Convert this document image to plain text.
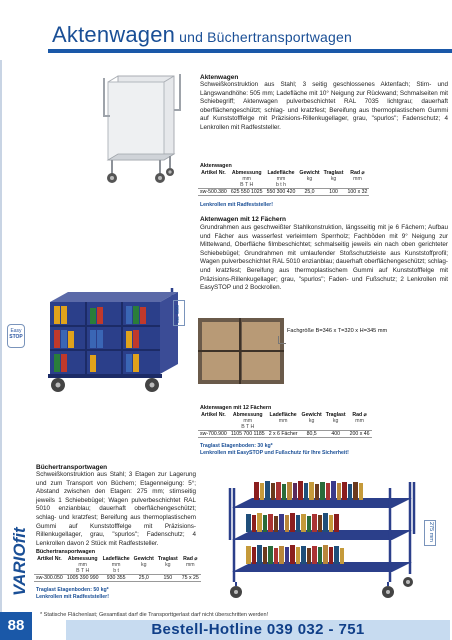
Aktenwagen und Büchertransportwagen
Easy
STOP
VARIOfit
88
Aktenwagen
Schweißkonstruktion aus Stahl; 3 seitig geschlossenes Aktenfach; Stirn- und Längswandhöhe: 505 mm; Ladefläche mit 10° Neigung zur Rückwand; Schmalseiten mit Schiebegriff; Aktenwagen pulverbeschichtet RAL 7035 lichtgrau; dauerhaft oberflächengeschützt; schlag- und kratzfest; Bereifung aus thermoplastischem Gummi auf Kunststofffelge mit Präzisions-Rillenkugellager, grau, "spurlos"; Fadenschutz; 4 Lenkrollen mit Radfeststeller.
Aktenwagen
Artikel Nr.	Abmessung	Ladefläche	Gewicht	Traglast	Rad ⌀
	mm	mm	kg	kg	mm
	B T H	b t h			
sw-500.380	625 550 1025	550 300 420	25,0	100	100 x 32
Lenkrollen mit Radfeststeller!
Aktenwagen mit 12 Fächern
Grundrahmen aus geschweißter Stahlkonstruktion, längsseitig mit je 6 Fächern; Aufbau und Fächer aus wasserfest verleimtem Sperrholz; Fachböden mit 9° Neigung zur Mittelwand, Oberfläche filmbeschichtet; schmalseitig jeweils ein nach oben gerichteter Schiebebügel; Grundrahmen mit umlaufender Stoßschutzleiste aus Kunststoffprofil; Wagen pulverbeschichtet RAL 5010 enzianblau; dauerhaft oberflächengeschützt; schlag- und kratzfest; Bereifung aus thermoplastischem Gummi auf Kunststofffelge mit Präzisions-Rillenkugellager; grau, "spurlos"; Faden- und Fußschutz; 2 Lenkrollen mit EasySTOP und 2 Bockrollen.
ca. 660
Fachgröße B=346 x T=320 x H=345 mm
Aktenwagen mit 12 Fächern
Artikel Nr.	Abmessung	Ladefläche	Gewicht	Traglast	Rad ⌀
	mm	mm	kg	kg	mm
	B T H				
sw-700.900	1105 700 1185	2 x 6 Fächer	80,5	400	200 x 46
Traglast Etagenboden: 30 kg*
Lenkrollen mit EasySTOP und Fußschutz für Ihre Sicherheit!
Büchertransportwagen
Schweißkonstruktion aus Stahl; 3 Etagen zur Lagerung und zum Transport von Büchern; Etagenneigung: 5°; Abstand zwischen den Etagen: 275 mm; stirnseitig jeweils 1 Schiebebügel; Wagen pulverbeschichtet RAL 5010 enzianblau; dauerhaft oberflächengeschützt; schlag- und kratzfest; Bereifung aus thermoplastischem Gummi auf Kunststofffelge mit Präzisions-Rillenkugellager, grau, "spurlos"; Fadenschutz; 4 Lenkrollen davon 2 Stück mit Radfeststeller.
275 mm
Büchertransportwagen
Artikel Nr.	Abmessung	Ladefläche	Gewicht	Traglast	Rad ⌀
	mm	mm	kg	kg	mm
	B T H	b t			
sw-300.050	1005 390 990	930 355	25,0	150	75 x 25
Traglast Etagenboden: 50 kg*
Lenkrollen mit Radfeststeller!
* Statische Flächenlast; Gesamtlast darf die Transporttgerlast darf nicht überschritten werden!
Bestell-Hotline 039 032 - 751
